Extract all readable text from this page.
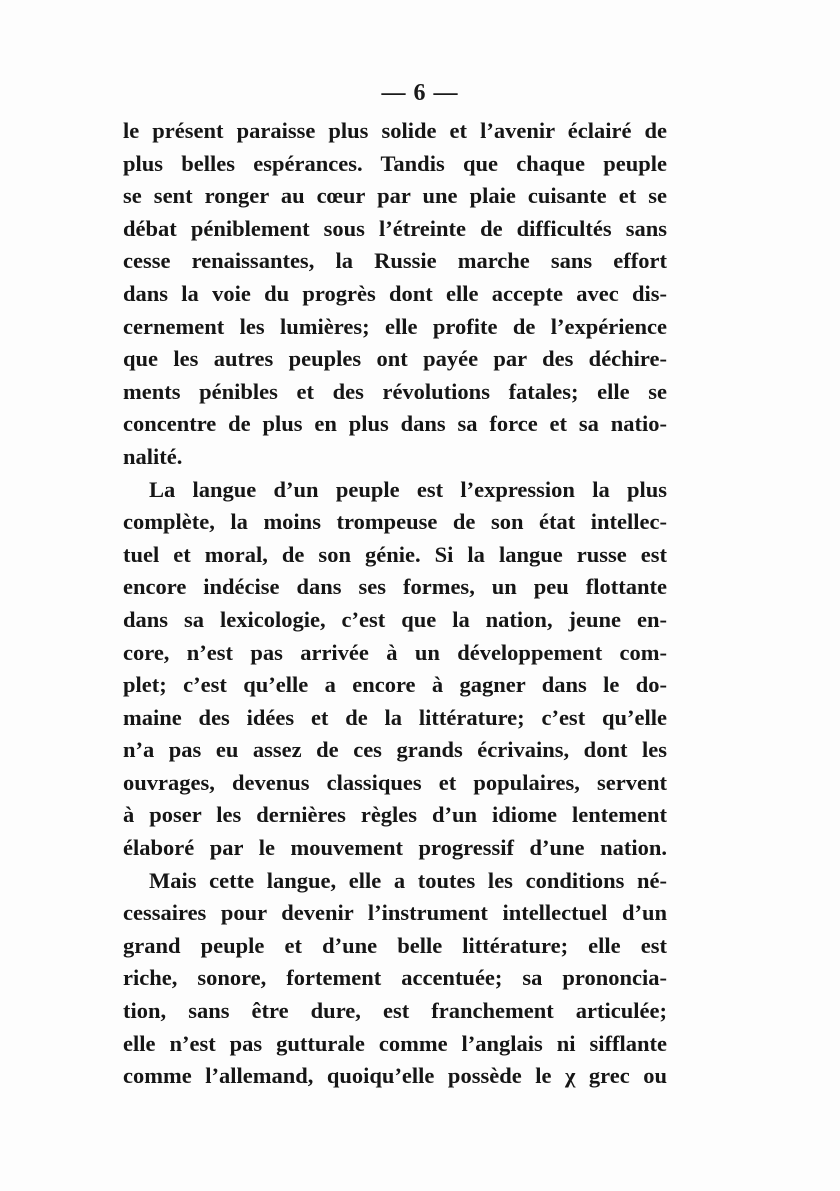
— 6 —
le présent paraisse plus solide et l’avenir éclairé de
plus belles espérances. Tandis que chaque peuple
se sent ronger au cœur par une plaie cuisante et se
débat péniblement sous l’étreinte de difficultés sans
cesse renaissantes, la Russie marche sans effort
dans la voie du progrès dont elle accepte avec dis-
cernement les lumières; elle profite de l’expérience
que les autres peuples ont payée par des déchire-
ments pénibles et des révolutions fatales; elle se
concentre de plus en plus dans sa force et sa natio-
nalité.
La langue d’un peuple est l’expression la plus
complète, la moins trompeuse de son état intellec-
tuel et moral, de son génie. Si la langue russe est
encore indécise dans ses formes, un peu flottante
dans sa lexicologie, c’est que la nation, jeune en-
core, n’est pas arrivée à un développement com-
plet; c’est qu’elle a encore à gagner dans le do-
maine des idées et de la littérature; c’est qu’elle
n’a pas eu assez de ces grands écrivains, dont les
ouvrages, devenus classiques et populaires, servent
à poser les dernières règles d’un idiome lentement
élaboré par le mouvement progressif d’une nation.
Mais cette langue, elle a toutes les conditions né-
cessaires pour devenir l’instrument intellectuel d’un
grand peuple et d’une belle littérature; elle est
riche, sonore, fortement accentuée; sa prononcia-
tion, sans être dure, est franchement articulée;
elle n’est pas gutturale comme l’anglais ni sifflante
comme l’allemand, quoiqu’elle possède le χ grec ou
